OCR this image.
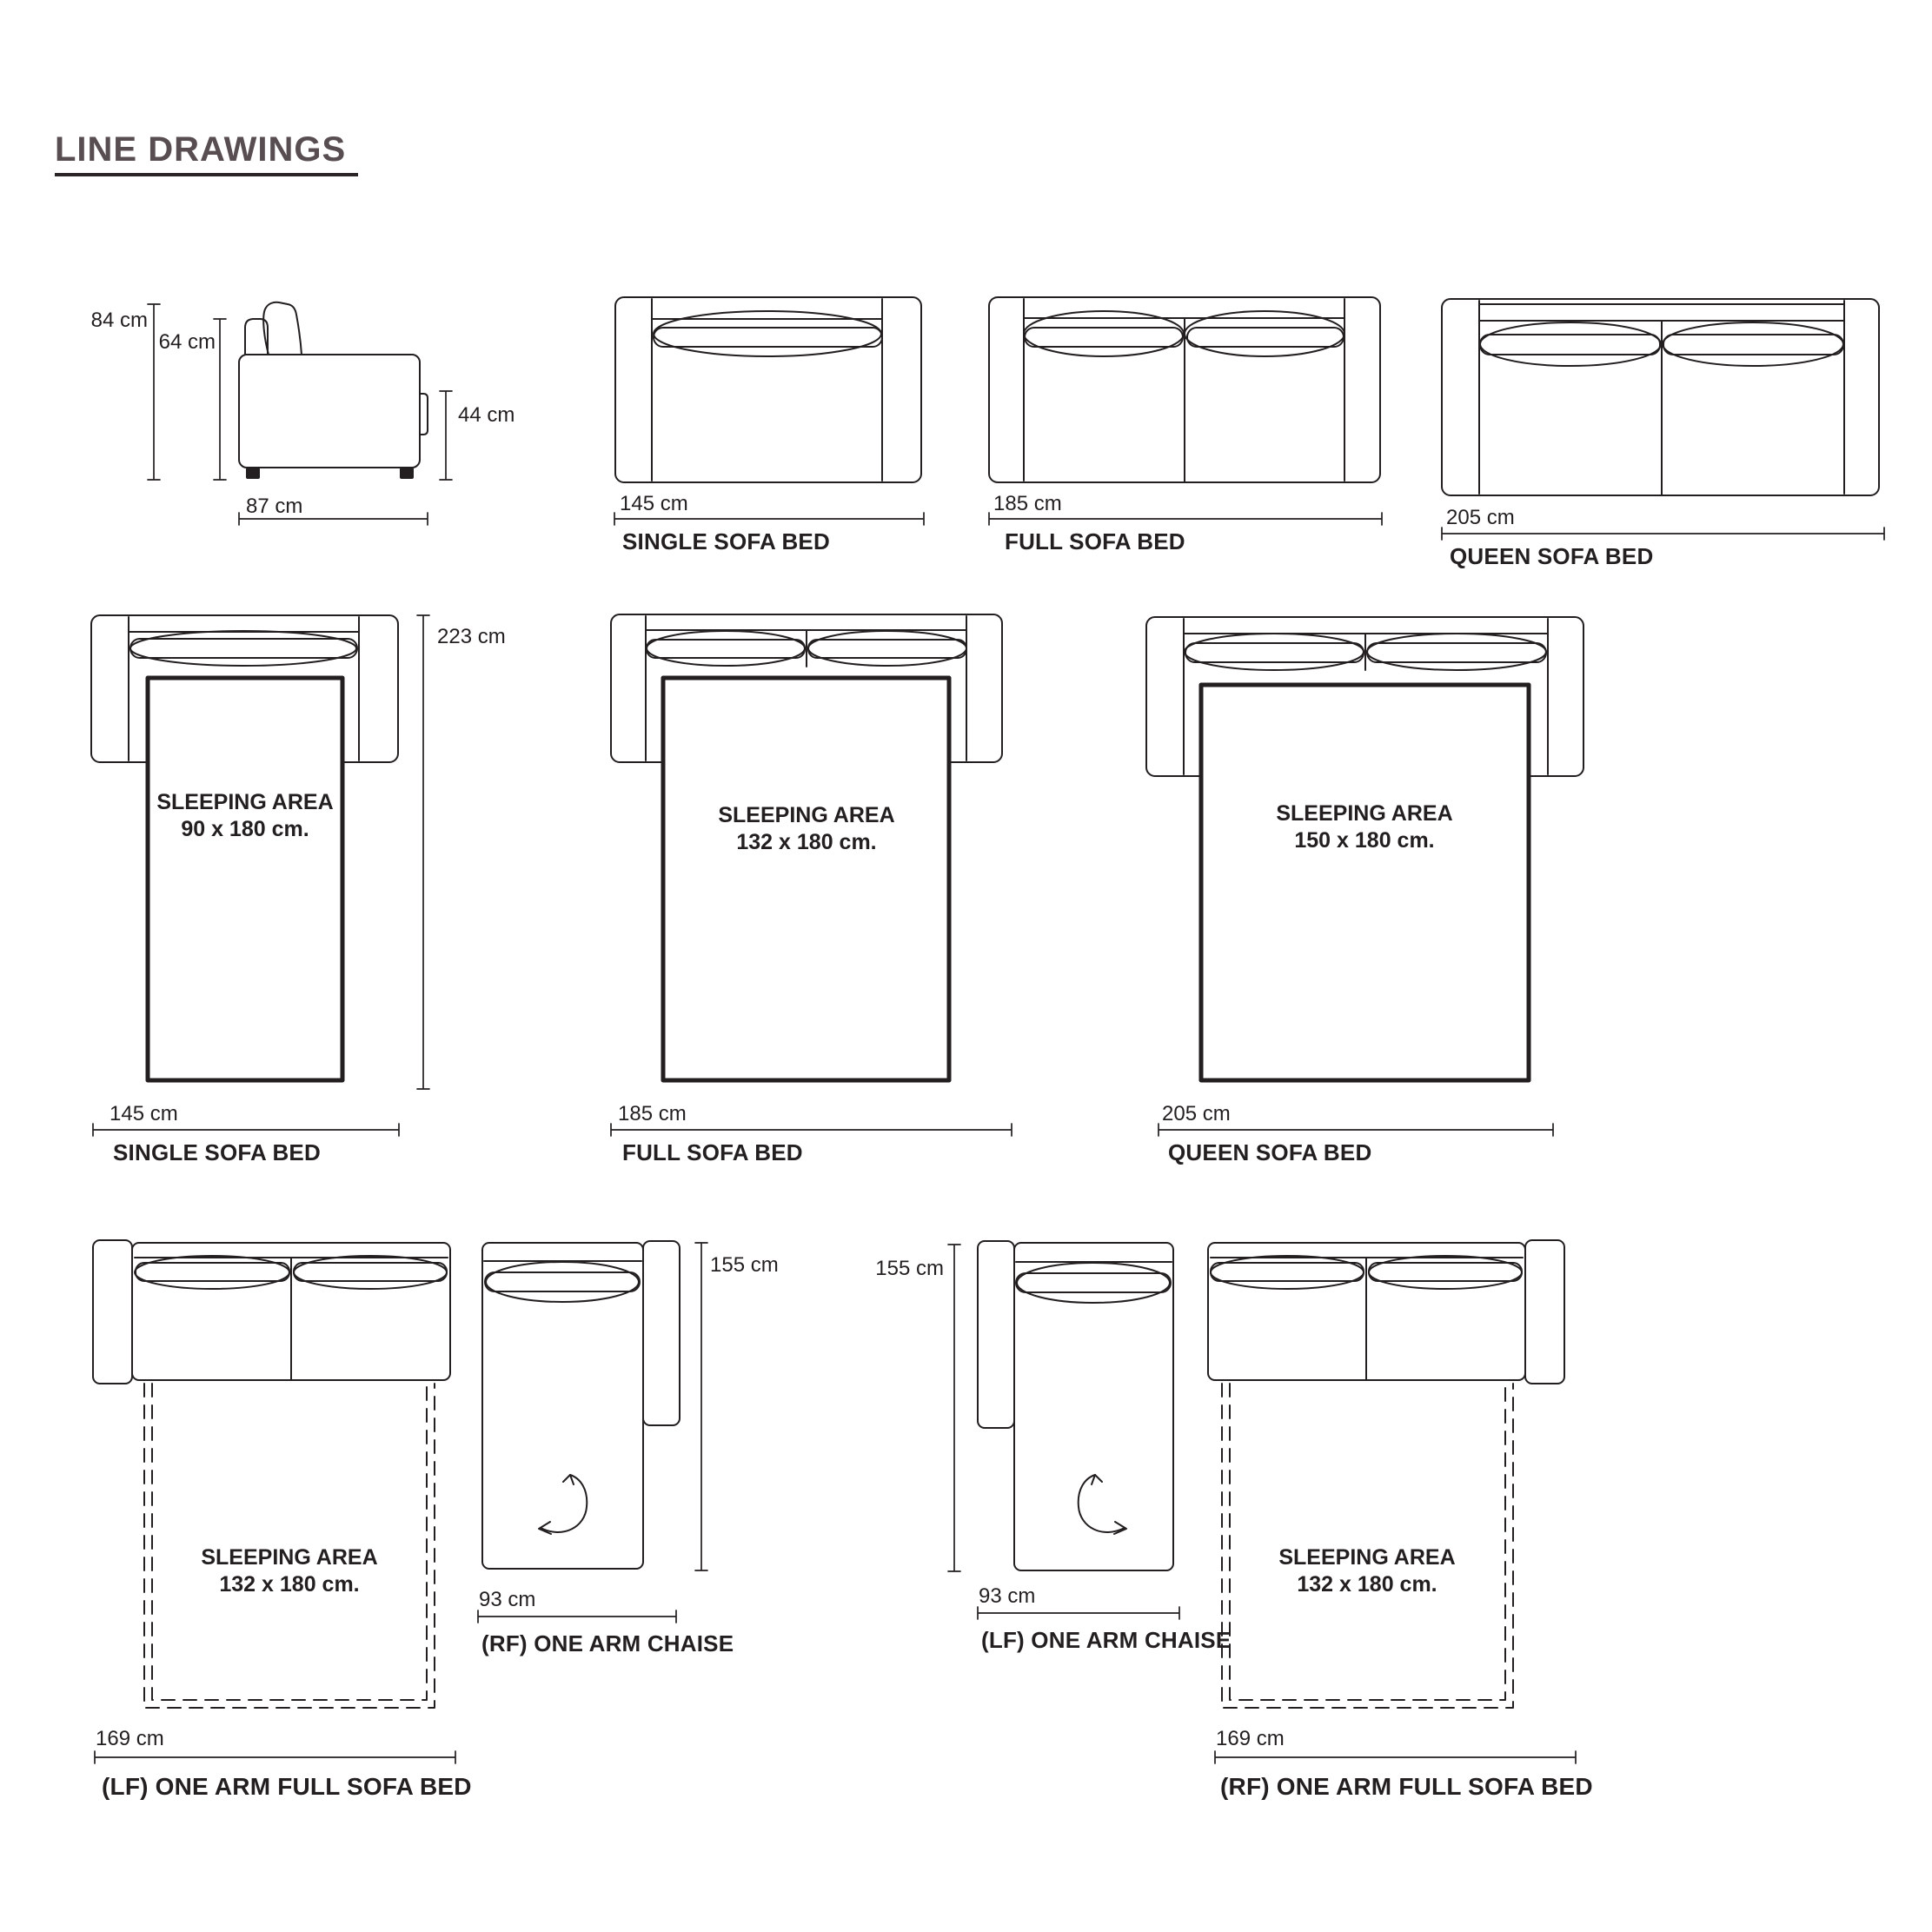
LINE DRAWINGS
84 cm
64 cm
44 cm
87 cm	145 cm
SINGLE SOFA BED
185 cm
FULL SOFA BED
205 cm
QUEEN SOFA BED
223 cm
SLEEPING AREA
90 x 180 cm.
145 cm
SINGLE SOFA BED
SLEEPING AREA
132 x 180 cm.
185 cm
FULL SOFA BED
SLEEPING AREA
150 x 180 cm.
205 cm
QUEEN SOFA BED
SLEEPING AREA
132 x 180 cm.
169 cm
(LF) ONE ARM FULL SOFA BED
155 cm
93 cm
(RF) ONE ARM CHAISE
155 cm
93 cm
(LF) ONE ARM CHAISE
SLEEPING AREA
132 x 180 cm.
169 cm
(RF) ONE ARM FULL SOFA BED
